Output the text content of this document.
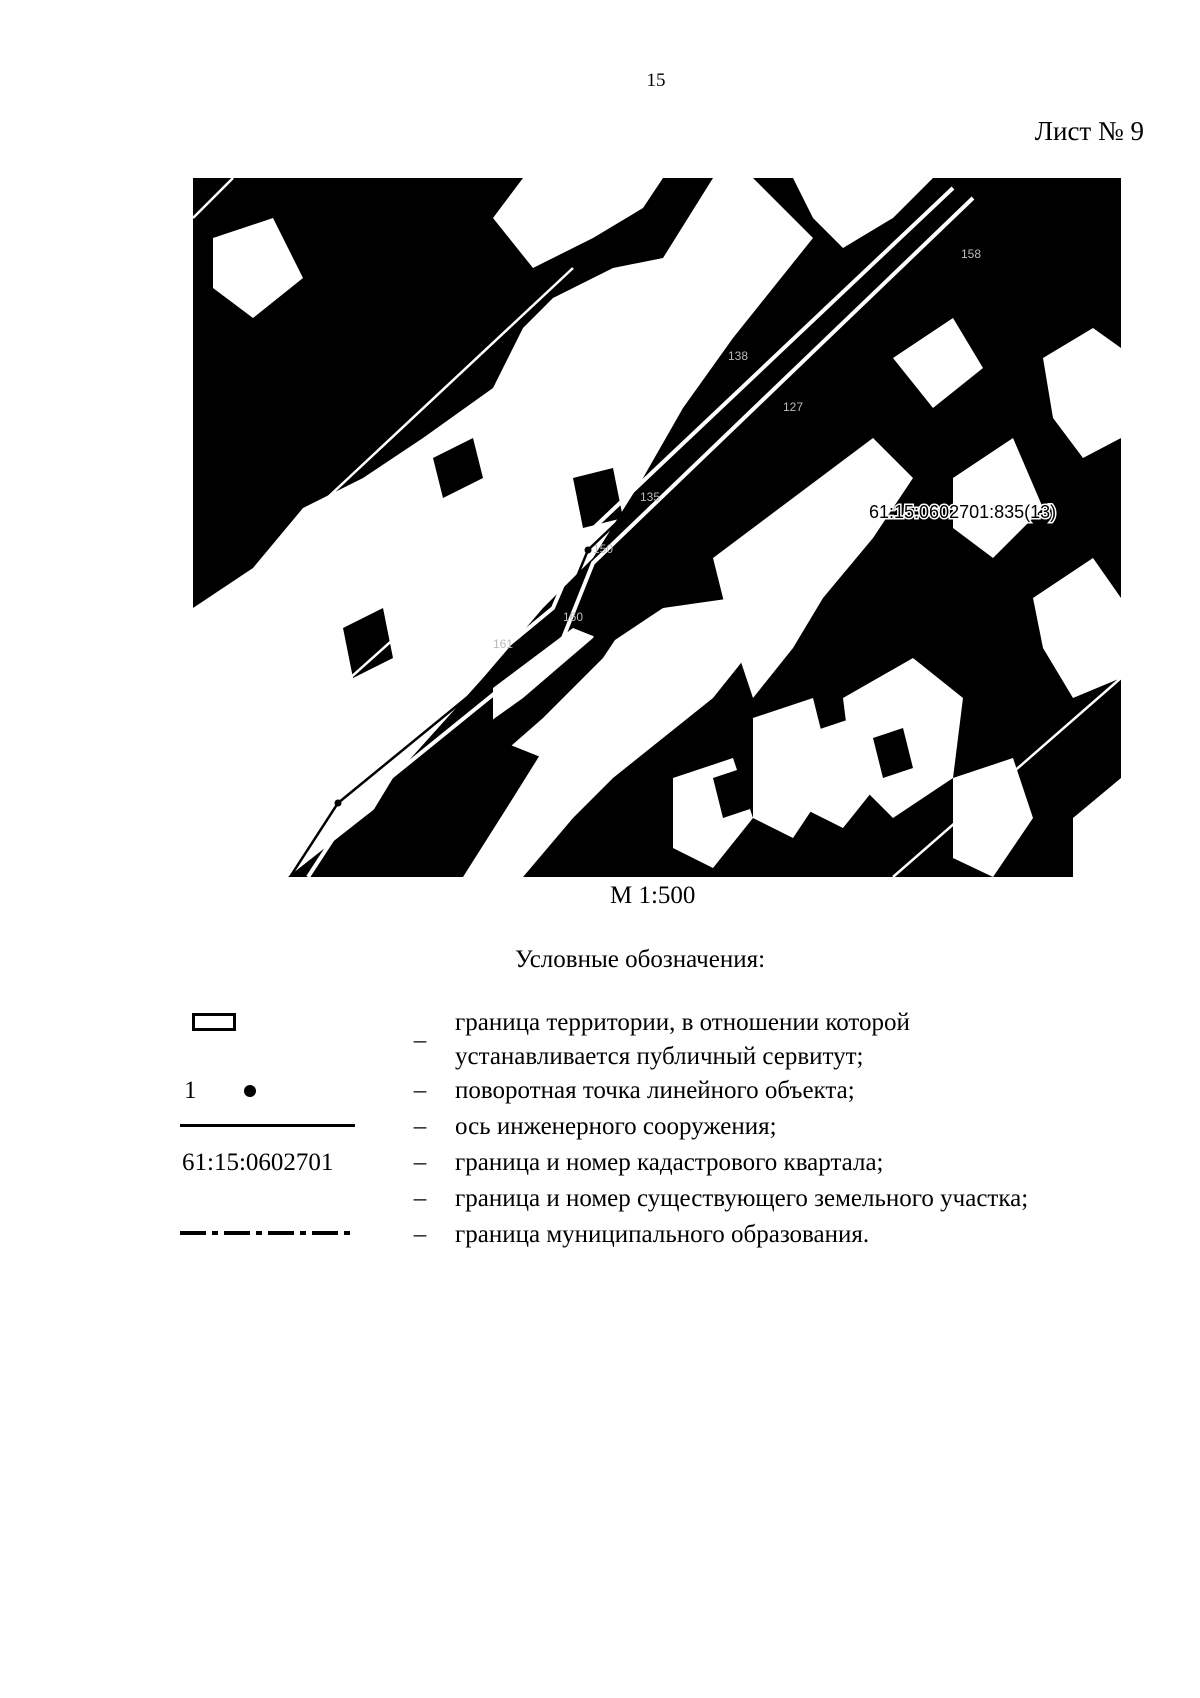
15
Лист № 9
138
127
135
150
160
161
158
61:15:0602701:835(13)
М 1:500
Условные обозначения:
–
граница территории, в отношении которой
устанавливается публичный сервитут;
1	– поворотная точка линейного объекта;
– ось инженерного сооружения;
61:15:0602701	– граница и номер кадастрового квартала;
– граница и номер существующего земельного участка;
– граница муниципального образования.
